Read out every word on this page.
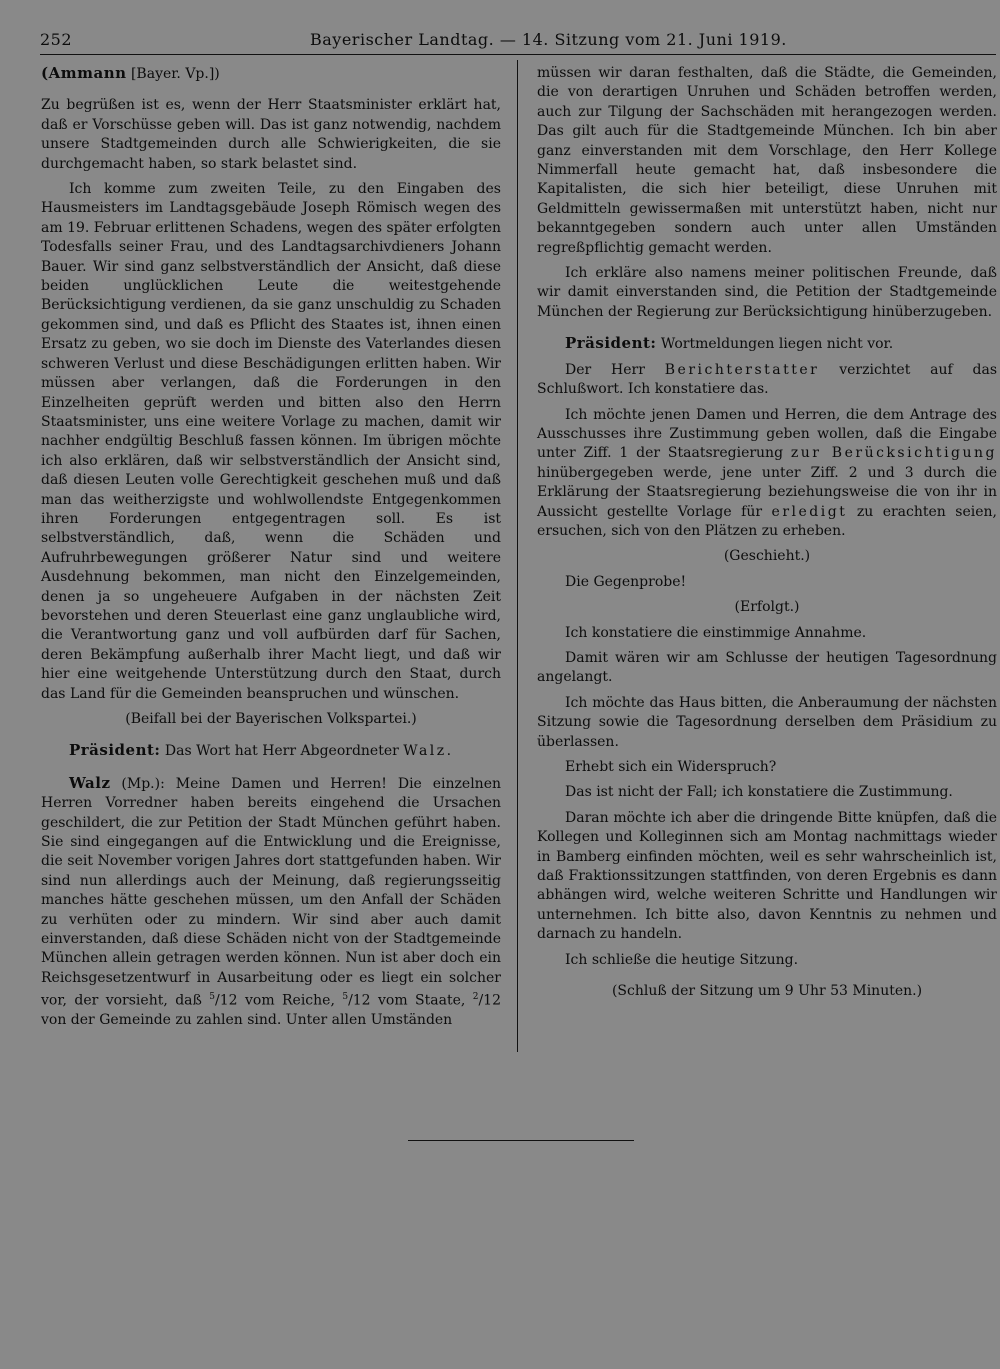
252	Bayerischer Landtag. — 14. Sitzung vom 21. Juni 1919.

(Ammann [Bayer. Vp.])

Zu begrüßen ist es, wenn der Herr Staatsminister erklärt hat, daß er Vorschüsse geben will. Das ist ganz notwendig, nachdem unsere Stadtgemeinden durch alle Schwierigkeiten, die sie durchgemacht haben, so stark belastet sind.

Ich komme zum zweiten Teile, zu den Eingaben des Hausmeisters im Landtagsgebäude Joseph Römisch wegen des am 19. Februar erlittenen Schadens, wegen des später erfolgten Todesfalls seiner Frau, und des Landtagsarchivdieners Johann Bauer. Wir sind ganz selbstverständlich der Ansicht, daß diese beiden unglücklichen Leute die weitestgehende Berücksichtigung verdienen, da sie ganz unschuldig zu Schaden gekommen sind, und daß es Pflicht des Staates ist, ihnen einen Ersatz zu geben, wo sie doch im Dienste des Vaterlandes diesen schweren Verlust und diese Beschädigungen erlitten haben. Wir müssen aber verlangen, daß die Forderungen in den Einzelheiten geprüft werden und bitten also den Herrn Staatsminister, uns eine weitere Vorlage zu machen, damit wir nachher endgültig Beschluß fassen können. Im übrigen möchte ich also erklären, daß wir selbstverständlich der Ansicht sind, daß diesen Leuten volle Gerechtigkeit geschehen muß und daß man das weitherzigste und wohlwollendste Entgegenkommen ihren Forderungen entgegentragen soll. Es ist selbstverständlich, daß, wenn die Schäden und Aufruhrbewegungen größerer Natur sind und weitere Ausdehnung bekommen, man nicht den Einzelgemeinden, denen ja so ungeheuere Aufgaben in der nächsten Zeit bevorstehen und deren Steuerlast eine ganz unglaubliche wird, die Verantwortung ganz und voll aufbürden darf für Sachen, deren Bekämpfung außerhalb ihrer Macht liegt, und daß wir hier eine weitgehende Unterstützung durch den Staat, durch das Land für die Gemeinden beanspruchen und wünschen.

(Beifall bei der Bayerischen Volkspartei.)

Präsident: Das Wort hat Herr Abgeordneter Walz.

Walz (Mp.): Meine Damen und Herren! Die einzelnen Herren Vorredner haben bereits eingehend die Ursachen geschildert, die zur Petition der Stadt München geführt haben. Sie sind eingegangen auf die Entwicklung und die Ereignisse, die seit November vorigen Jahres dort stattgefunden haben. Wir sind nun allerdings auch der Meinung, daß regierungsseitig manches hätte geschehen müssen, um den Anfall der Schäden zu verhüten oder zu mindern. Wir sind aber auch damit einverstanden, daß diese Schäden nicht von der Stadtgemeinde München allein getragen werden können. Nun ist aber doch ein Reichsgesetzentwurf in Ausarbeitung oder es liegt ein solcher vor, der vorsieht, daß $^5$/12 vom Reiche, $^5$/12 vom Staate, $^2$/12 von der Gemeinde zu zahlen sind. Unter allen Umständen

müssen wir daran festhalten, daß die Städte, die Gemeinden, die von derartigen Unruhen und Schäden betroffen werden, auch zur Tilgung der Sachschäden mit herangezogen werden. Das gilt auch für die Stadtgemeinde München. Ich bin aber ganz einverstanden mit dem Vorschlage, den Herr Kollege Nimmerfall heute gemacht hat, daß insbesondere die Kapitalisten, die sich hier beteiligt, diese Unruhen mit Geldmitteln gewissermaßen mit unterstützt haben, nicht nur bekanntgegeben sondern auch unter allen Umständen regreßpflichtig gemacht werden.

Ich erkläre also namens meiner politischen Freunde, daß wir damit einverstanden sind, die Petition der Stadtgemeinde München der Regierung zur Berücksichtigung hinüberzugeben.

Präsident: Wortmeldungen liegen nicht vor.

Der Herr Berichterstatter verzichtet auf das Schlußwort. Ich konstatiere das.

Ich möchte jenen Damen und Herren, die dem Antrage des Ausschusses ihre Zustimmung geben wollen, daß die Eingabe unter Ziff. 1 der Staatsregierung zur Berücksichtigung hinübergegeben werde, jene unter Ziff. 2 und 3 durch die Erklärung der Staatsregierung beziehungsweise die von ihr in Aussicht gestellte Vorlage für erledigt zu erachten seien, ersuchen, sich von den Plätzen zu erheben.

(Geschieht.)

Die Gegenprobe!

(Erfolgt.)

Ich konstatiere die einstimmige Annahme.

Damit wären wir am Schlusse der heutigen Tagesordnung angelangt.

Ich möchte das Haus bitten, die Anberaumung der nächsten Sitzung sowie die Tagesordnung derselben dem Präsidium zu überlassen.

Erhebt sich ein Widerspruch?

Das ist nicht der Fall; ich konstatiere die Zustimmung.

Daran möchte ich aber die dringende Bitte knüpfen, daß die Kollegen und Kolleginnen sich am Montag nachmittags wieder in Bamberg einfinden möchten, weil es sehr wahrscheinlich ist, daß Fraktionssitzungen stattfinden, von deren Ergebnis es dann abhängen wird, welche weiteren Schritte und Handlungen wir unternehmen. Ich bitte also, davon Kenntnis zu nehmen und darnach zu handeln.

Ich schließe die heutige Sitzung.

(Schluß der Sitzung um 9 Uhr 53 Minuten.)
